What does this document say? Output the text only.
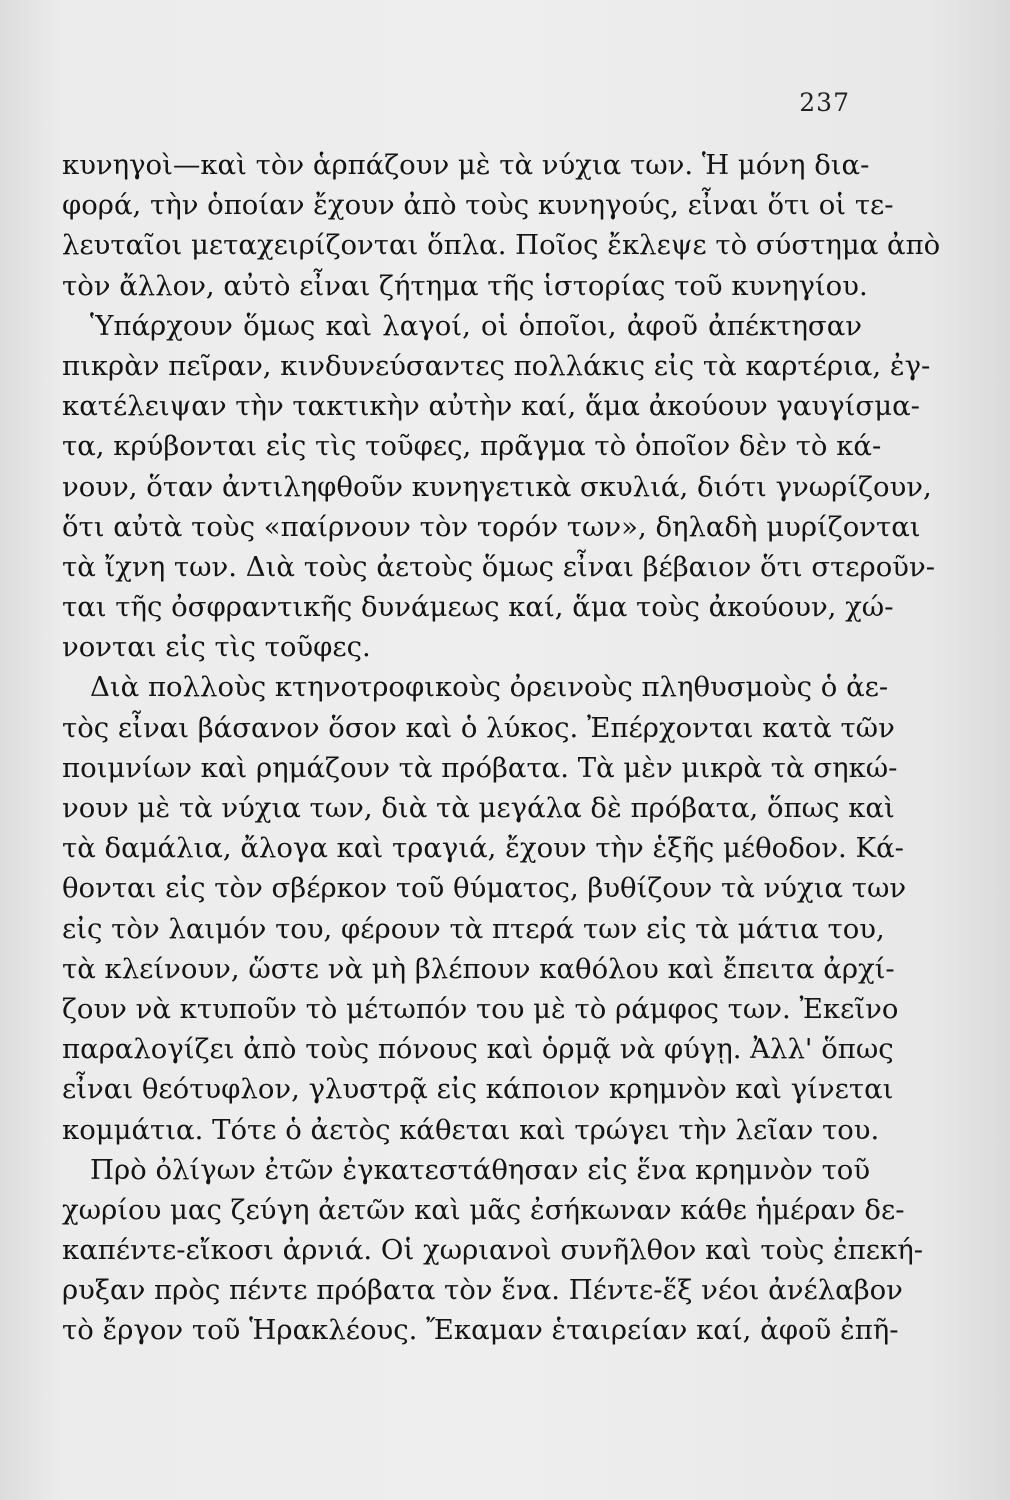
237
κυνηγοὶ—καὶ τὸν ἁρπάζουν μὲ τὰ νύχια των. Ἡ μόνη δια-
φορά, τὴν ὁποίαν ἔχουν ἀπὸ τοὺς κυνηγούς, εἶναι ὅτι οἱ τε-
λευταῖοι μεταχειρίζονται ὅπλα. Ποῖος ἔκλεψε τὸ σύστημα ἀπὸ
τὸν ἄλλον, αὐτὸ εἶναι ζήτημα τῆς ἱστορίας τοῦ κυνηγίου.
Ὑπάρχουν ὅμως καὶ λαγοί, οἱ ὁποῖοι, ἀφοῦ ἀπέκτησαν
πικρὰν πεῖραν, κινδυνεύσαντες πολλάκις εἰς τὰ καρτέρια, ἐγ-
κατέλειψαν τὴν τακτικὴν αὐτὴν καί, ἅμα ἀκούουν γαυγίσμα-
τα, κρύβονται εἰς τὶς τοῦφες, πρᾶγμα τὸ ὁποῖον δὲν τὸ κά-
νουν, ὅταν ἀντιληφθοῦν κυνηγετικὰ σκυλιά, διότι γνωρίζουν,
ὅτι αὐτὰ τοὺς «παίρνουν τὸν τορόν των», δηλαδὴ μυρίζονται
τὰ ἴχνη των. Διὰ τοὺς ἀετοὺς ὅμως εἶναι βέβαιον ὅτι στεροῦν-
ται τῆς ὀσφραντικῆς δυνάμεως καί, ἅμα τοὺς ἀκούουν, χώ-
νονται εἰς τὶς τοῦφες.
Διὰ πολλοὺς κτηνοτροφικοὺς ὀρεινοὺς πληθυσμοὺς ὁ ἀε-
τὸς εἶναι βάσανον ὅσον καὶ ὁ λύκος. Ἐπέρχονται κατὰ τῶν
ποιμνίων καὶ ρημάζουν τὰ πρόβατα. Τὰ μὲν μικρὰ τὰ σηκώ-
νουν μὲ τὰ νύχια των, διὰ τὰ μεγάλα δὲ πρόβατα, ὅπως καὶ
τὰ δαμάλια, ἄλογα καὶ τραγιά, ἔχουν τὴν ἑξῆς μέθοδον. Κά-
θονται εἰς τὸν σβέρκον τοῦ θύματος, βυθίζουν τὰ νύχια των
εἰς τὸν λαιμόν του, φέρουν τὰ πτερά των εἰς τὰ μάτια του,
τὰ κλείνουν, ὥστε νὰ μὴ βλέπουν καθόλου καὶ ἔπειτα ἀρχί-
ζουν νὰ κτυποῦν τὸ μέτωπόν του μὲ τὸ ράμφος των. Ἐκεῖνο
παραλογίζει ἀπὸ τοὺς πόνους καὶ ὁρμᾷ νὰ φύγῃ. Ἀλλ' ὅπως
εἶναι θεότυφλον, γλυστρᾷ εἰς κάποιον κρημνὸν καὶ γίνεται
κομμάτια. Τότε ὁ ἀετὸς κάθεται καὶ τρώγει τὴν λεῖαν του.
Πρὸ ὀλίγων ἐτῶν ἐγκατεστάθησαν εἰς ἕνα κρημνὸν τοῦ
χωρίου μας ζεύγη ἀετῶν καὶ μᾶς ἐσήκωναν κάθε ἡμέραν δε-
καπέντε-εἴκοσι ἀρνιά. Οἱ χωριανοὶ συνῆλθον καὶ τοὺς ἐπεκή-
ρυξαν πρὸς πέντε πρόβατα τὸν ἕνα. Πέντε-ἕξ νέοι ἀνέλαβον
τὸ ἔργον τοῦ Ἡρακλέους. Ἔκαμαν ἑταιρείαν καί, ἀφοῦ ἐπῆ-
